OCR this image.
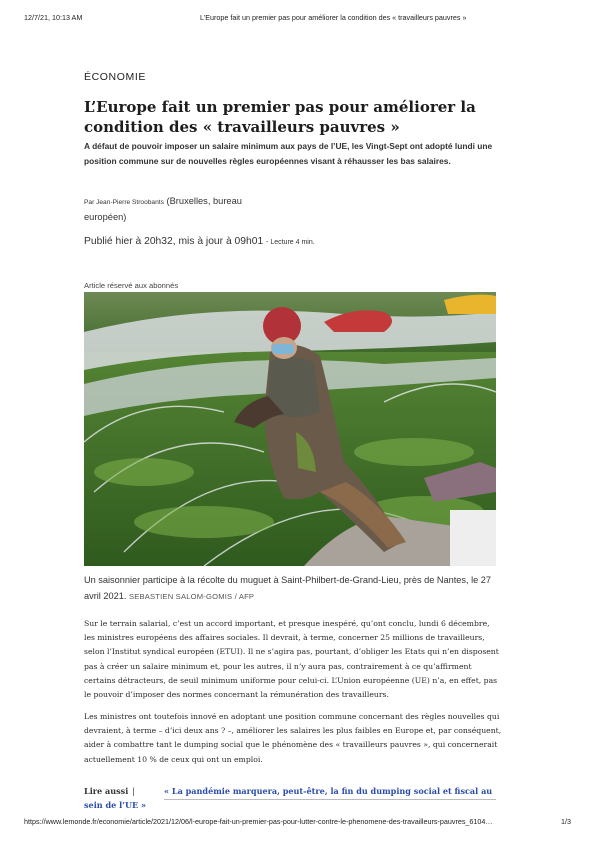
12/7/21, 10:13 AM	L’Europe fait un premier pas pour améliorer la condition des « travailleurs pauvres »
ÉCONOMIE
L’Europe fait un premier pas pour améliorer la condition des « travailleurs pauvres »

A défaut de pouvoir imposer un salaire minimum aux pays de l’UE, les Vingt-Sept ont adopté lundi une position commune sur de nouvelles règles européennes visant à réhausser les bas salaires.

Par Jean-Pierre Stroobants (Bruxelles, bureau européen)
Publié hier à 20h32, mis à jour à 09h01 - Lecture 4 min.
Article réservé aux abonnés

Un saisonnier participe à la récolte du muguet à Saint-Philbert-de-Grand-Lieu, près de Nantes, le 27 avril 2021. SEBASTIEN SALOM-GOMIS / AFP

Sur le terrain salarial, c’est un accord important, et presque inespéré, qu’ont conclu, lundi 6 décembre, les ministres européens des affaires sociales. Il devrait, à terme, concerner 25 millions de travailleurs, selon l’Institut syndical européen (ETUI). Il ne s’agira pas, pourtant, d’obliger les Etats qui n’en disposent pas à créer un salaire minimum et, pour les autres, il n’y aura pas, contrairement à ce qu’affirment certains détracteurs, de seuil minimum uniforme pour celui-ci. L’Union européenne (UE) n’a, en effet, pas le pouvoir d’imposer des normes concernant la rémunération des travailleurs.

Les ministres ont toutefois innové en adoptant une position commune concernant des règles nouvelles qui devraient, à terme – d’ici deux ans ? –, améliorer les salaires les plus faibles en Europe et, par conséquent, aider à combattre tant le dumping social que le phénomène des « travailleurs pauvres », qui concernerait actuellement 10 % de ceux qui ont un emploi.

Lire aussi |	« La pandémie marquera, peut-être, la fin du dumping social et fiscal au sein de l’UE »

https://www.lemonde.fr/economie/article/2021/12/06/l-europe-fait-un-premier-pas-pour-lutter-contre-le-phenomene-des-travailleurs-pauvres_6104…	1/3
